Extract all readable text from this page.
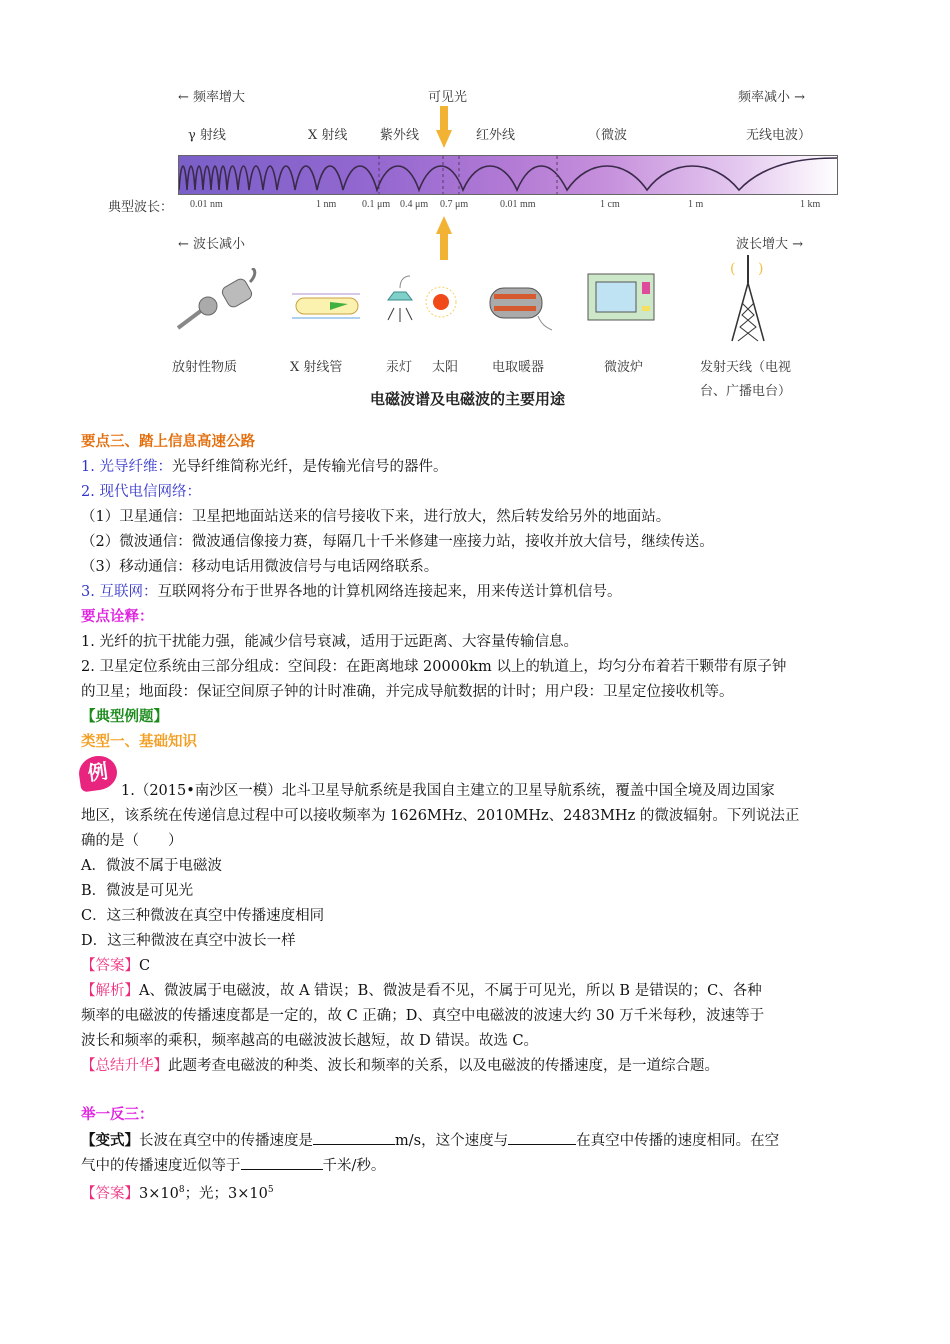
← 频率增大	可见光	频率减小 →
γ 射线	X 射线	紫外线	红外线	（微波	无线电波）
典型波长： 0.01 nm	1 nm	0.1 μm 0.4 μm 0.7 μm	0.01 mm	1 cm	1 m	1 km
← 波长减小	波长增大 →
( )
放射性物质	X 射线管	汞灯 太阳	电取暖器	微波炉	发射天线（电视
台、广播电台）
电磁波谱及电磁波的主要用途
要点三、踏上信息高速公路
1. 光导纤维：光导纤维简称光纤，是传输光信号的器件。
2. 现代电信网络：
（1）卫星通信：卫星把地面站送来的信号接收下来，进行放大，然后转发给另外的地面站。
（2）微波通信：微波通信像接力赛，每隔几十千米修建一座接力站，接收并放大信号，继续传送。
（3）移动通信：移动电话用微波信号与电话网络联系。
3. 互联网：互联网将分布于世界各地的计算机网络连接起来，用来传送计算机信号。
要点诠释：
1. 光纤的抗干扰能力强，能减少信号衰减，适用于远距离、大容量传输信息。
2. 卫星定位系统由三部分组成：空间段：在距离地球 20000km 以上的轨道上，均匀分布着若干颗带有原子钟
的卫星；地面段：保证空间原子钟的计时准确，并完成导航数据的计时；用户段：卫星定位接收机等。
【典型例题】
类型一、基础知识
例
1.（2015•南沙区一模）北斗卫星导航系统是我国自主建立的卫星导航系统，覆盖中国全境及周边国家
地区，该系统在传递信息过程中可以接收频率为 1626MHz、2010MHz、2483MHz 的微波辐射。下列说法正
确的是（　　）
A．微波不属于电磁波
B．微波是可见光
C．这三种微波在真空中传播速度相同
D．这三种微波在真空中波长一样
【答案】C
【解析】A、微波属于电磁波，故 A 错误；B、微波是看不见，不属于可见光，所以 B 是错误的；C、各种
频率的电磁波的传播速度都是一定的，故 C 正确；D、真空中电磁波的波速大约 30 万千米每秒，波速等于
波长和频率的乘积，频率越高的电磁波波长越短，故 D 错误。故选 C。
【总结升华】此题考查电磁波的种类、波长和频率的关系，以及电磁波的传播速度，是一道综合题。
举一反三：
【变式】长波在真空中的传播速度是	m/s，这个速度与	在真空中传播的速度相同。在空
气中的传播速度近似等于	千米/秒。
【答案】$3\times 10^8$；光；$3\times 10^5$
